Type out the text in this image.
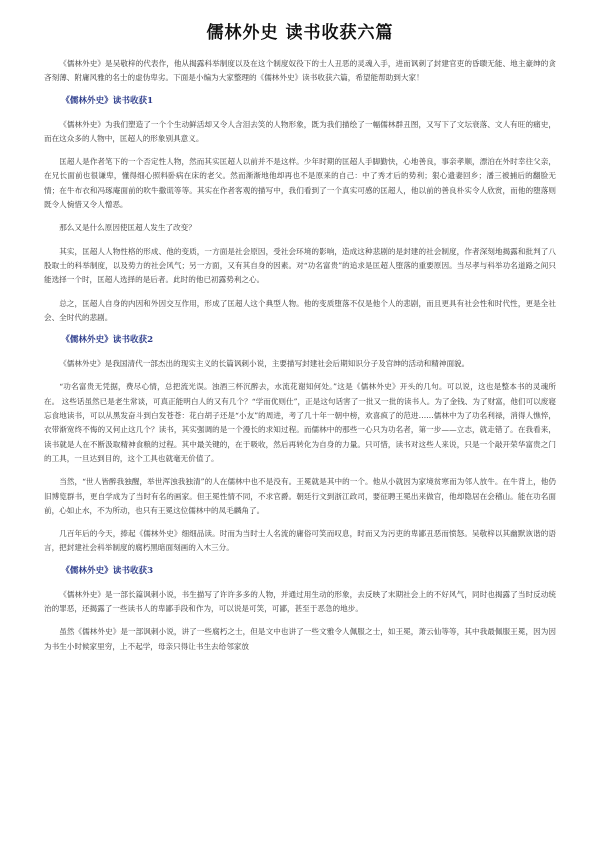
儒林外史 读书收获六篇

《儒林外史》是吴敬梓的代表作，他从揭露科举制度以及在这个制度奴役下的士人丑恶的灵魂入手，进而讽刺了封建官吏的昏聩无能、地主豪绅的贪吝刻薄、附庸风雅的名士的虚伪卑劣。下面是小编为大家整理的《儒林外史》读书收获六篇，希望能帮助到大家！

《儒林外史》读书收获1

《儒林外史》为我们塑造了一个个生动鲜活却又令人含泪去笑的人物形象，既为我们描绘了一幅儒林群丑图，又写下了文坛衰落、文人有旺的痛史，而在这众多的人物中，匡超人的形象别具意义。

匡超人是作者笔下的一个否定性人物，然而其实匡超人以前并不是这样。少年时期的匡超人手脚勤快，心地善良，事亲孝顺，漂泊在外时幸往父亲，在兄长面前也很谦卑，懂得细心照料卧病在床的老父。然而渐渐地他却再也不是原来的自己：中了秀才后的势利；狠心遗妻回乡；潘三被捕后的翻脸无情；在牛布衣和冯琢庵面前的吹牛撒谎等等。其实在作者客观的描写中，我们看到了一个真实可感的匡超人，他以前的善良朴实令人欣赏，而他的堕落则既令人惋惜又令人憎恶。

那么又是什么原因使匡超人发生了改变？

其实，匡超人人物性格的形成、他的变质，一方面是社会原因，受社会环境的影响，造成这种悲剧的是封建的社会制度，作者深刻地揭露和批判了八股取士的科举制度，以及势力的社会风气；另一方面，又有其自身的因素。对“功名富贵”的追求是匡超人堕落的重要原因。当尽孝与科举功名道路之间只能选择一个时，匡超人选择的是后者。此时的他已初露势利之心。

总之，匡超人自身的内因和外因交互作用，形成了匡超人这个典型人物。他的变质堕落不仅是他个人的悲剧，而且更具有社会性和时代性，更是全社会、全时代的悲剧。

《儒林外史》读书收获2

《儒林外史》是我国清代一部杰出的现实主义的长篇讽刺小说，主要描写封建社会后期知识分子及官绅的活动和精神面貌。

“功名富贵无凭据，费尽心情，总把流光误。浊酒三杯沉醉去，水流花谢知何处。”这是《儒林外史》开头的几句。可以说，这也是整本书的灵魂所在。 这些话虽然已是老生常谈，可真正能明白人的又有几个？“学而优则仕”，正是这句话害了一批又一批的读书人。为了金钱、为了财富，他们可以废寝忘食地读书，可以从黑发奋斗到白发苍苍：花白胡子还是“小友”的周进，考了几十年一朝中榜，欢喜疯了的范进……儒林中为了功名利禄，消得人憔悴，衣带渐宽终不悔的又何止这几个？读书，其实强调的是一个漫长的求知过程。而儒林中的那些一心只为功名者，第一步——立志，就走错了。在我看来，读书就是人在不断汲取精神食粮的过程。其中最关键的，在于吸收，然后再转化为自身的力量。只可惜，读书对这些人来说，只是一个敲开荣华富贵之门的工具，一旦达到目的，这个工具也就毫无价值了。

当然，“世人皆醉我独醒，举世浑浊我独清”的人在儒林中也不是没有。王冕就是其中的一个。他从小就因为家境贫寒而为邻人放牛。在牛背上，他仍旧博览群书，更自学成为了当时有名的画家。但王冕性情不同，不求官爵。朝廷行文到浙江政司，要征聘王冕出来做官，他却隐居在会稽山。能在功名面前，心如止水，不为所动，也只有王冕这位儒林中的凤毛麟角了。

几百年后的今天，捧起《儒林外史》细细品读。时而为当时士人名流的庸俗可笑而叹息，时而又为污吏的卑鄙丑恶而愤怒。吴敬梓以其幽默诙谐的语言，把封建社会科举制度的腐朽黑暗面刻画的入木三分。

《儒林外史》读书收获3

《儒林外史》是一部长篇讽刺小说，书生描写了许许多多的人物，并通过用生动的形象，去反映了末期社会上的不好风气，同时也揭露了当时反动统治的罪恶，还揭露了一些读书人的卑鄙手段和作为，可以说是可笑，可鄙，甚至于恶急的地步。

虽然《儒林外史》是一部讽刺小说，讲了一些腐朽之士，但是文中也讲了一些文雅令人佩服之士，如王冕，萧云仙等等，其中我最佩服王冕，因为因为书生小时候家里穷，上不起学，母亲只得让书生去给邻家放
